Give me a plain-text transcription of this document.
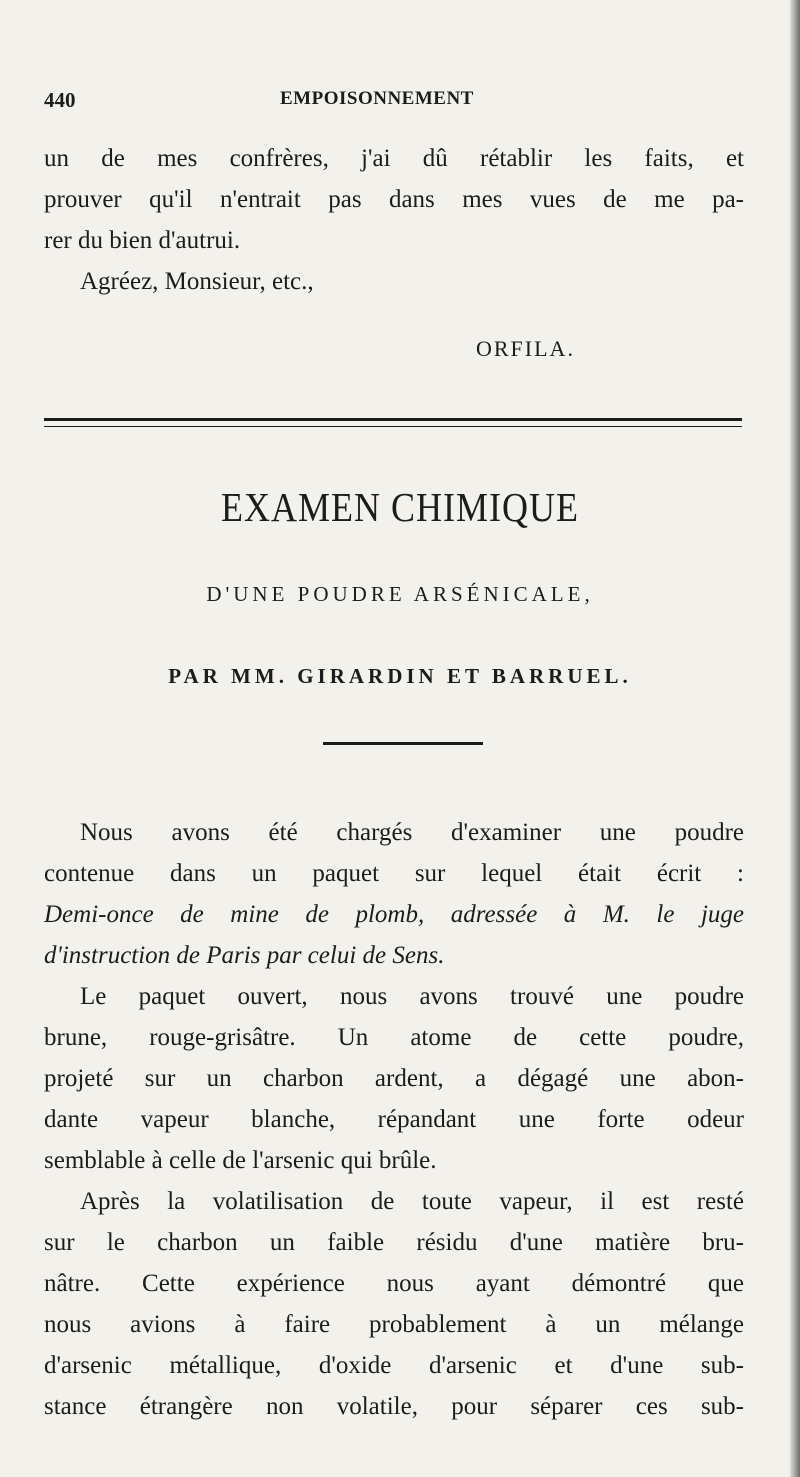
440	EMPOISONNEMENT
un de mes confrères, j'ai dû rétablir les faits, et
prouver qu'il n'entrait pas dans mes vues de me pa-
rer du bien d'autrui.
Agréez, Monsieur, etc.,
ORFILA.
EXAMEN CHIMIQUE
D'UNE POUDRE ARSÉNICALE,
PAR MM. GIRARDIN ET BARRUEL.
Nous avons été chargés d'examiner une poudre
contenue dans un paquet sur lequel était écrit :
Demi-once de mine de plomb, adressée à M. le juge
d'instruction de Paris par celui de Sens.
Le paquet ouvert, nous avons trouvé une poudre
brune, rouge-grisâtre. Un atome de cette poudre,
projeté sur un charbon ardent, a dégagé une abon-
dante vapeur blanche, répandant une forte odeur
semblable à celle de l'arsenic qui brûle.
Après la volatilisation de toute vapeur, il est resté
sur le charbon un faible résidu d'une matière bru-
nâtre. Cette expérience nous ayant démontré que
nous avions à faire probablement à un mélange
d'arsenic métallique, d'oxide d'arsenic et d'une sub-
stance étrangère non volatile, pour séparer ces sub-
